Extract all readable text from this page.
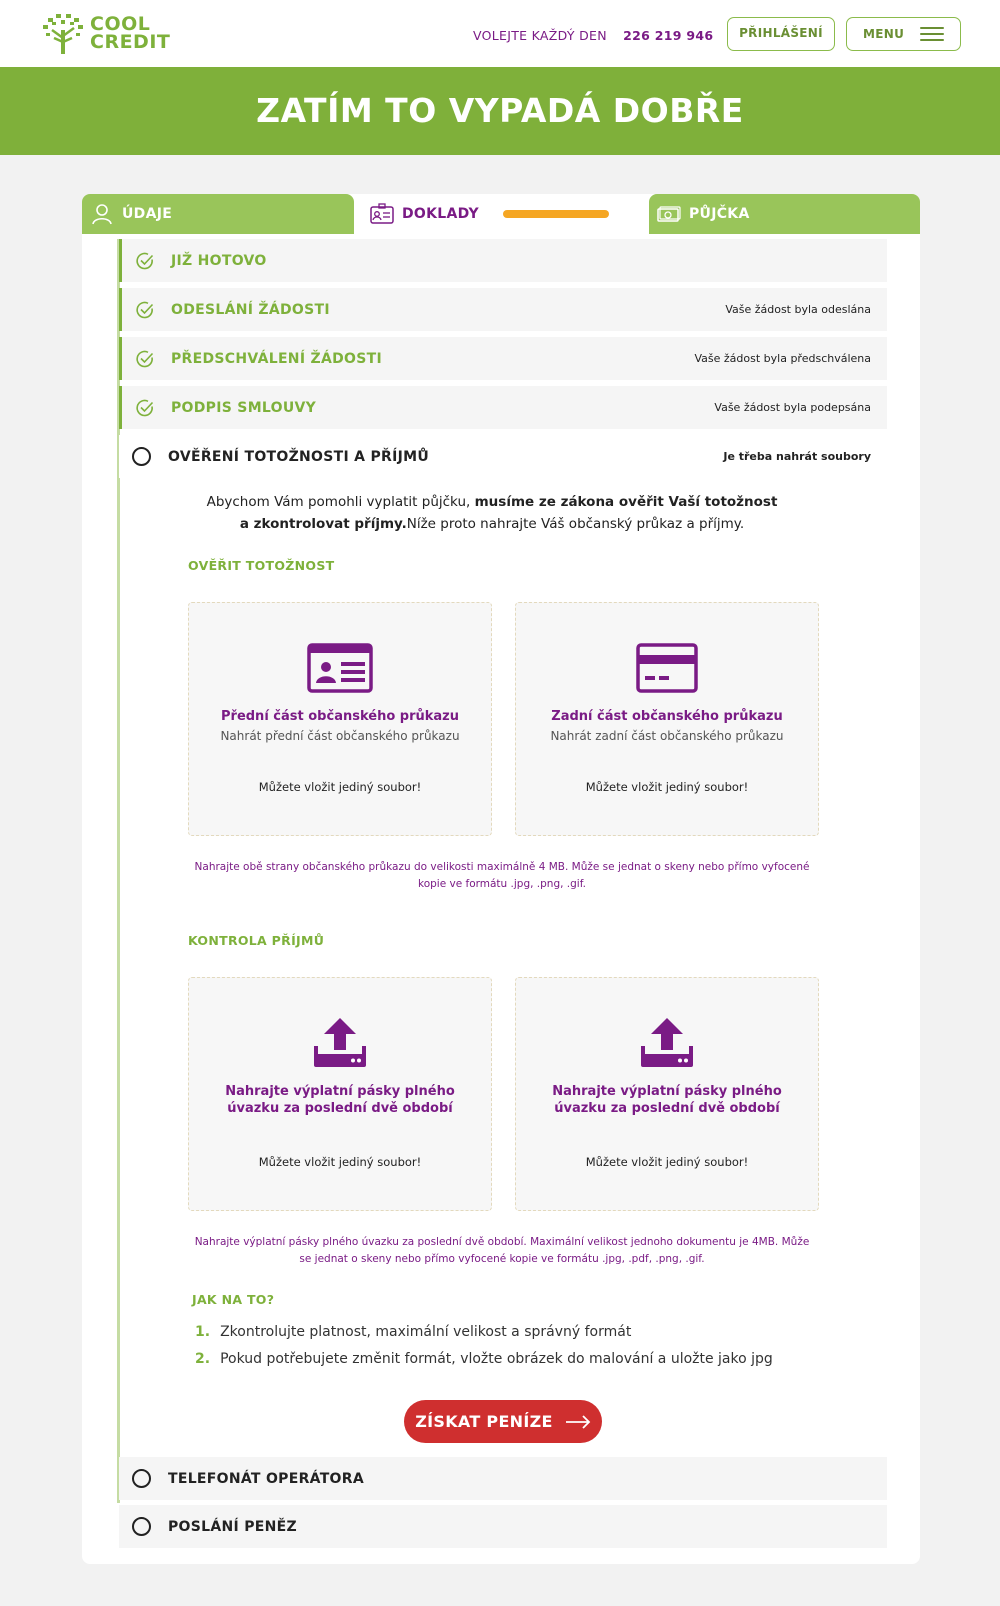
COOL
CREDIT	VOLEJTE KAŽDÝ DEN 226 219 946	PŘIHLÁŠENÍ	MENU
ZATÍM TO VYPADÁ DOBŘE
ÚDAJE	DOKLADY	PŮJČKA
JIŽ HOTOVO
ODESLÁNÍ ŽÁDOSTI	Vaše žádost byla odeslána
PŘEDSCHVÁLENÍ ŽÁDOSTI	Vaše žádost byla předschválena
PODPIS SMLOUVY	Vaše žádost byla podepsána
OVĚŘENÍ TOTOŽNOSTI A PŘÍJMŮ	Je třeba nahrát soubory
Abychom Vám pomohli vyplatit půjčku, musíme ze zákona ověřit Vaší totožnost
a zkontrolovat příjmy.Níže proto nahrajte Váš občanský průkaz a příjmy.
OVĚŘIT TOTOŽNOST
Přední část občanského průkazu
Nahrát přední část občanského průkazu
Můžete vložit jediný soubor!
Zadní část občanského průkazu
Nahrát zadní část občanského průkazu
Můžete vložit jediný soubor!
Nahrajte obě strany občanského průkazu do velikosti maximálně 4 MB. Může se jednat o skeny nebo přímo vyfocené
kopie ve formátu .jpg, .png, .gif.
KONTROLA PŘÍJMŮ
Nahrajte výplatní pásky plného
úvazku za poslední dvě období
Můžete vložit jediný soubor!
Nahrajte výplatní pásky plného
úvazku za poslední dvě období
Můžete vložit jediný soubor!
Nahrajte výplatní pásky plného úvazku za poslední dvě období. Maximální velikost jednoho dokumentu je 4MB. Může
se jednat o skeny nebo přímo vyfocené kopie ve formátu .jpg, .pdf, .png, .gif.
JAK NA TO?
1. Zkontrolujte platnost, maximální velikost a správný formát
2. Pokud potřebujete změnit formát, vložte obrázek do malování a uložte jako jpg
ZÍSKAT PENÍZE
TELEFONÁT OPERÁTORA
POSLÁNÍ PENĚZ
